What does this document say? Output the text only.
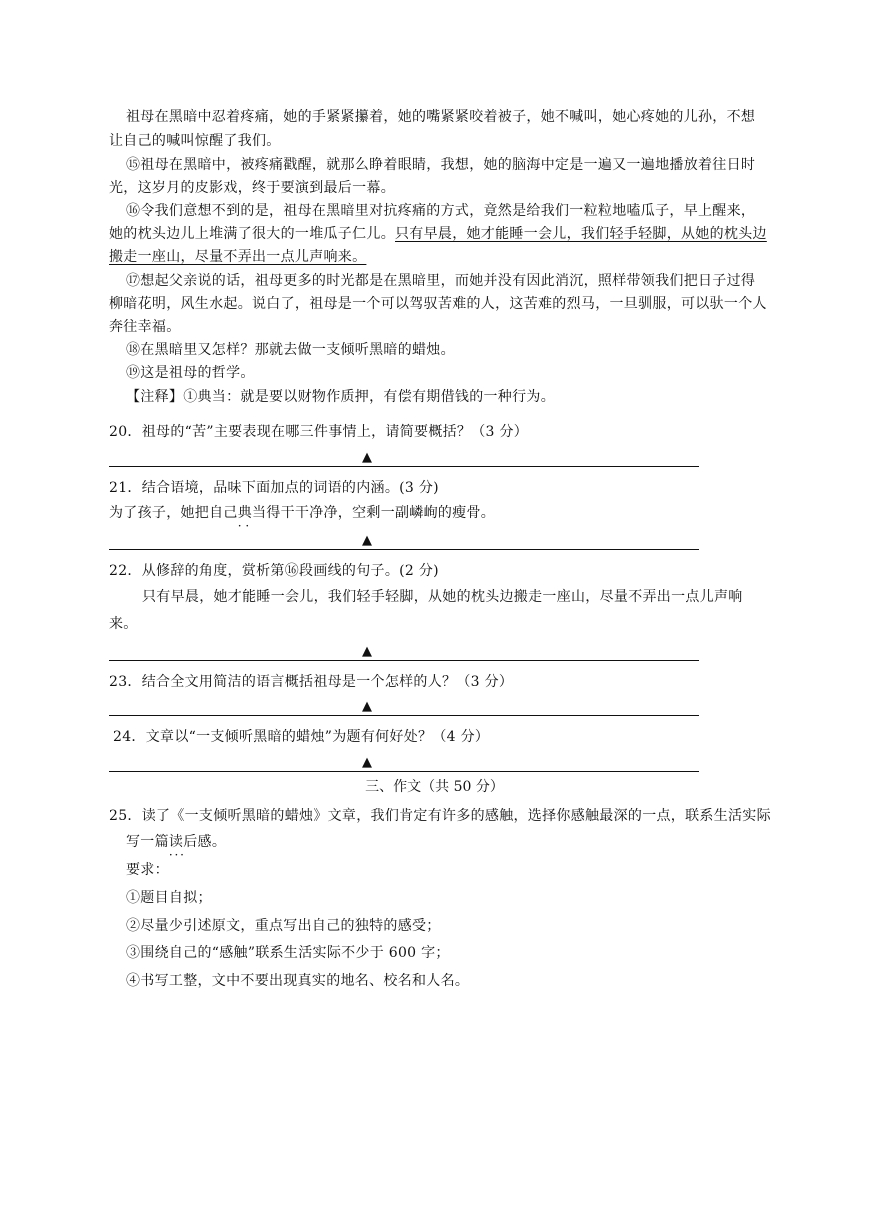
祖母在黑暗中忍着疼痛，她的手紧紧攥着，她的嘴紧紧咬着被子，她不喊叫，她心疼她的儿孙，不想
让自己的喊叫惊醒了我们。
⑮祖母在黑暗中，被疼痛戳醒，就那么睁着眼睛，我想，她的脑海中定是一遍又一遍地播放着往日时
光，这岁月的皮影戏，终于要演到最后一幕。
⑯令我们意想不到的是，祖母在黑暗里对抗疼痛的方式，竟然是给我们一粒粒地嗑瓜子，早上醒来，
她的枕头边儿上堆满了很大的一堆瓜子仁儿。只有早晨，她才能睡一会儿，我们轻手轻脚，从她的枕头边
搬走一座山，尽量不弄出一点儿声响来。
⑰想起父亲说的话，祖母更多的时光都是在黑暗里，而她并没有因此消沉，照样带领我们把日子过得
柳暗花明，风生水起。说白了，祖母是一个可以驾驭苦难的人，这苦难的烈马，一旦驯服，可以驮一个人
奔往幸福。
⑱在黑暗里又怎样？那就去做一支倾听黑暗的蜡烛。
⑲这是祖母的哲学。
【注释】①典当：就是要以财物作质押，有偿有期借钱的一种行为。
20．祖母的“苦”主要表现在哪三件事情上，请简要概括？（3 分）
▲
21．结合语境，品味下面加点的词语的内涵。(3 分)
为了孩子，她把自己典当 · ·得干干净净，空剩一副嶙峋的瘦骨。
▲
22．从修辞的角度，赏析第⑯段画线的句子。(2 分)
只有早晨，她才能睡一会儿，我们轻手轻脚，从她的枕头边搬走一座山，尽量不弄出一点儿声响
来。
▲
23．结合全文用简洁的语言概括祖母是一个怎样的人？（3 分）
▲
24．文章以“一支倾听黑暗的蜡烛”为题有何好处？（4 分）
▲
三、作文（共 50 分）
25．读了《一支倾听黑暗的蜡烛》文章，我们肯定有许多的感触，选择你感触最深的一点，联系生活实际
写一篇读后感 · · ·。
要求：
①题目自拟；
②尽量少引述原文，重点写出自己的独特的感受；
③围绕自己的“感触”联系生活实际不少于 600 字；
④书写工整，文中不要出现真实的地名、校名和人名。
